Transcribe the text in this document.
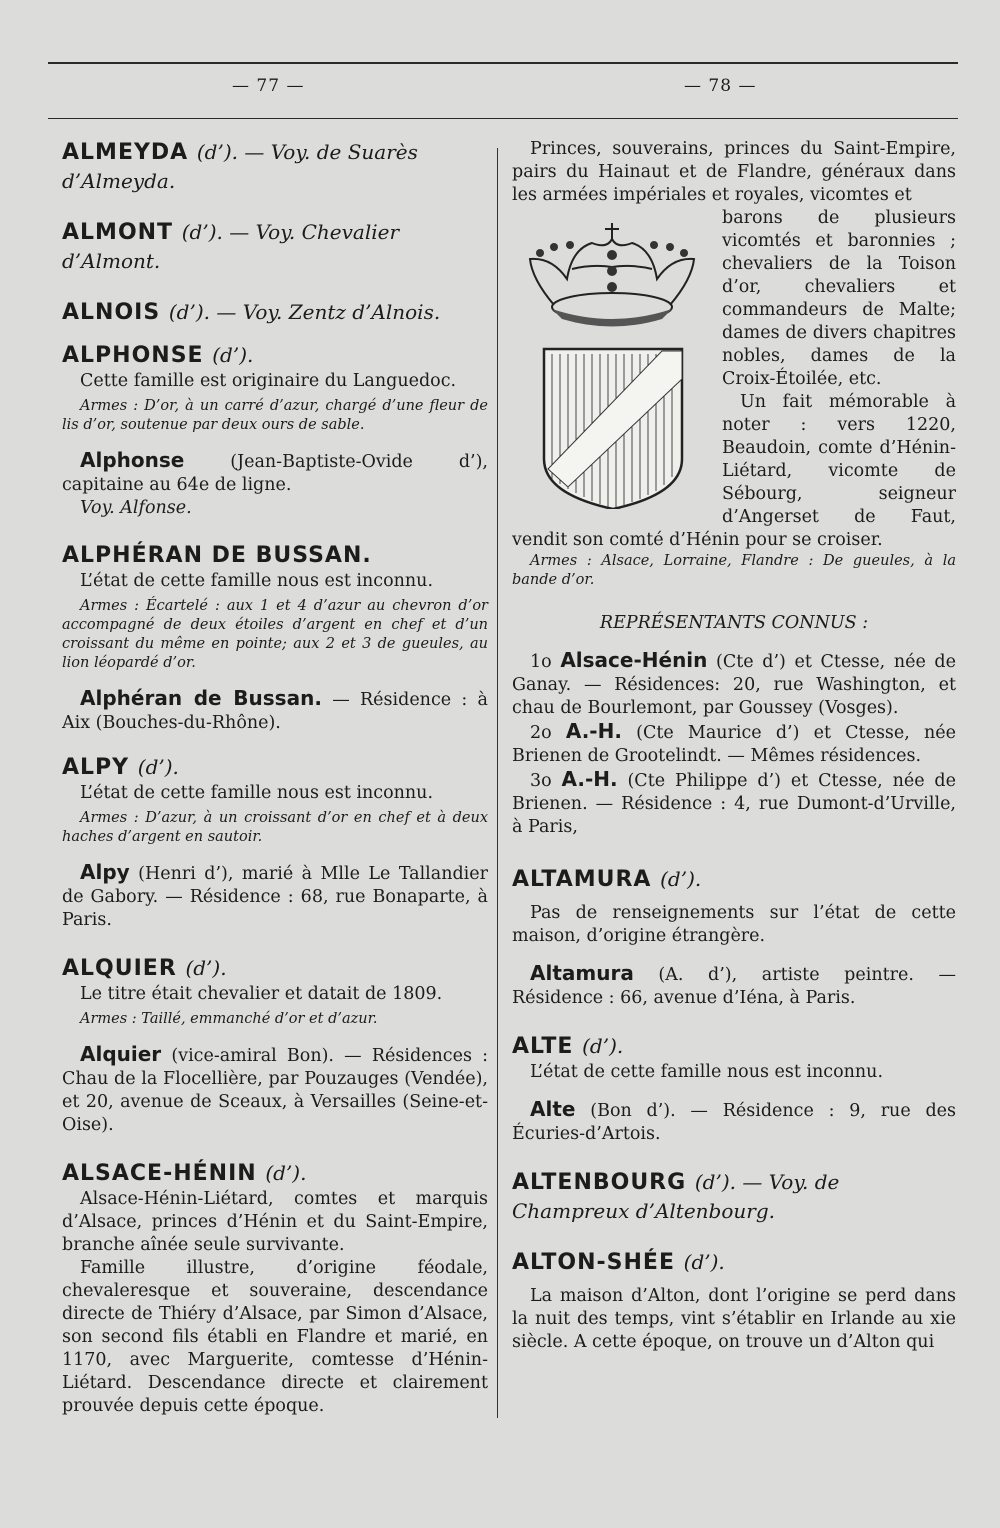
— 77 —	— 78 —

ALMEYDA (d’). — Voy. de Suarès d’Almeyda.

ALMONT (d’). — Voy. Chevalier d’Almont.

ALNOIS (d’). — Voy. Zentz d’Alnois.

ALPHONSE (d’).

Cette famille est originaire du Languedoc.

Armes : D’or, à un carré d’azur, chargé d’une fleur de lis d’or, soutenue par deux ours de sable.

Alphonse	(Jean-Baptiste-Ovide d’), capitaine au 64e de ligne.

Voy. Alfonse.

ALPHÉRAN DE BUSSAN.

L’état de cette famille nous est inconnu.

Armes : Écartelé : aux 1 et 4 d’azur au chevron d’or accompagné de deux étoiles d’argent en chef et d’un croissant du même en pointe; aux 2 et 3 de gueules, au lion léopardé d’or.

Alphéran de Bussan. — Résidence : à Aix (Bouches-du-Rhône).

ALPY (d’).

L’état de cette famille nous est inconnu.

Armes : D’azur, à un croissant d’or en chef et à deux haches d’argent en sautoir.

Alpy (Henri d’), marié à Mlle Le Tallandier de Gabory. — Résidence : 68, rue Bonaparte, à Paris.

ALQUIER (d’).

Le titre était chevalier et datait de 1809.

Armes : Taillé, emmanché d’or et d’azur.

Alquier (vice-amiral Bon). — Résidences : Chau de la Flocellière, par Pouzauges (Vendée), et 20, avenue de Sceaux, à Versailles (Seine-et-Oise).

ALSACE-HÉNIN (d’).

Alsace-Hénin-Liétard, comtes et marquis d’Alsace, princes d’Hénin et du Saint-Empire, branche aînée seule survivante.

Famille illustre, d’origine féodale, chevaleresque et souveraine, descendance directe de Thiéry d’Alsace, par Simon d’Alsace, son second fils établi en Flandre et marié, en 1170, avec Marguerite, comtesse d’Hénin-Liétard. Descendance directe et clairement prouvée depuis cette époque.

Princes, souverains, princes du Saint-Empire, pairs du Hainaut et de Flandre, généraux dans les armées impériales et royales, vicomtes et

barons de plusieurs vicomtés et baronnies ; chevaliers de la Toison d’or, chevaliers et commandeurs de Malte; dames de divers chapitres nobles, dames de la Croix-Étoilée, etc.

Un fait mémorable à noter : vers 1220, Beaudoin, comte d’Hénin-Liétard, vicomte de Sébourg, seigneur d’Angerset de Faut, vendit son comté d’Hénin pour se croiser.

Armes : Alsace, Lorraine, Flandre : De gueules, à la bande d’or.

REPRÉSENTANTS CONNUS :

1o Alsace-Hénin (Cte d’) et Ctesse, née de Ganay. — Résidences: 20, rue Washington, et chau de Bourlemont, par Goussey (Vosges).

2o A.-H. (Cte Maurice d’) et Ctesse, née Brienen de Grootelindt. — Mêmes résidences.

3o A.-H. (Cte Philippe d’) et Ctesse, née de Brienen. — Résidence : 4, rue Dumont-d’Urville, à Paris,

ALTAMURA (d’).

Pas de renseignements sur l’état de cette maison, d’origine étrangère.

Altamura (A. d’), artiste peintre. — Résidence : 66, avenue d’Iéna, à Paris.

ALTE (d’).

L’état de cette famille nous est inconnu.

Alte (Bon d’). — Résidence : 9, rue des Écuries-d’Artois.

ALTENBOURG (d’). — Voy. de Champreux d’Altenbourg.

ALTON-SHÉE (d’).

La maison d’Alton, dont l’origine se perd dans la nuit des temps, vint s’établir en Irlande au xie siècle. A cette époque, on trouve un d’Alton qui
